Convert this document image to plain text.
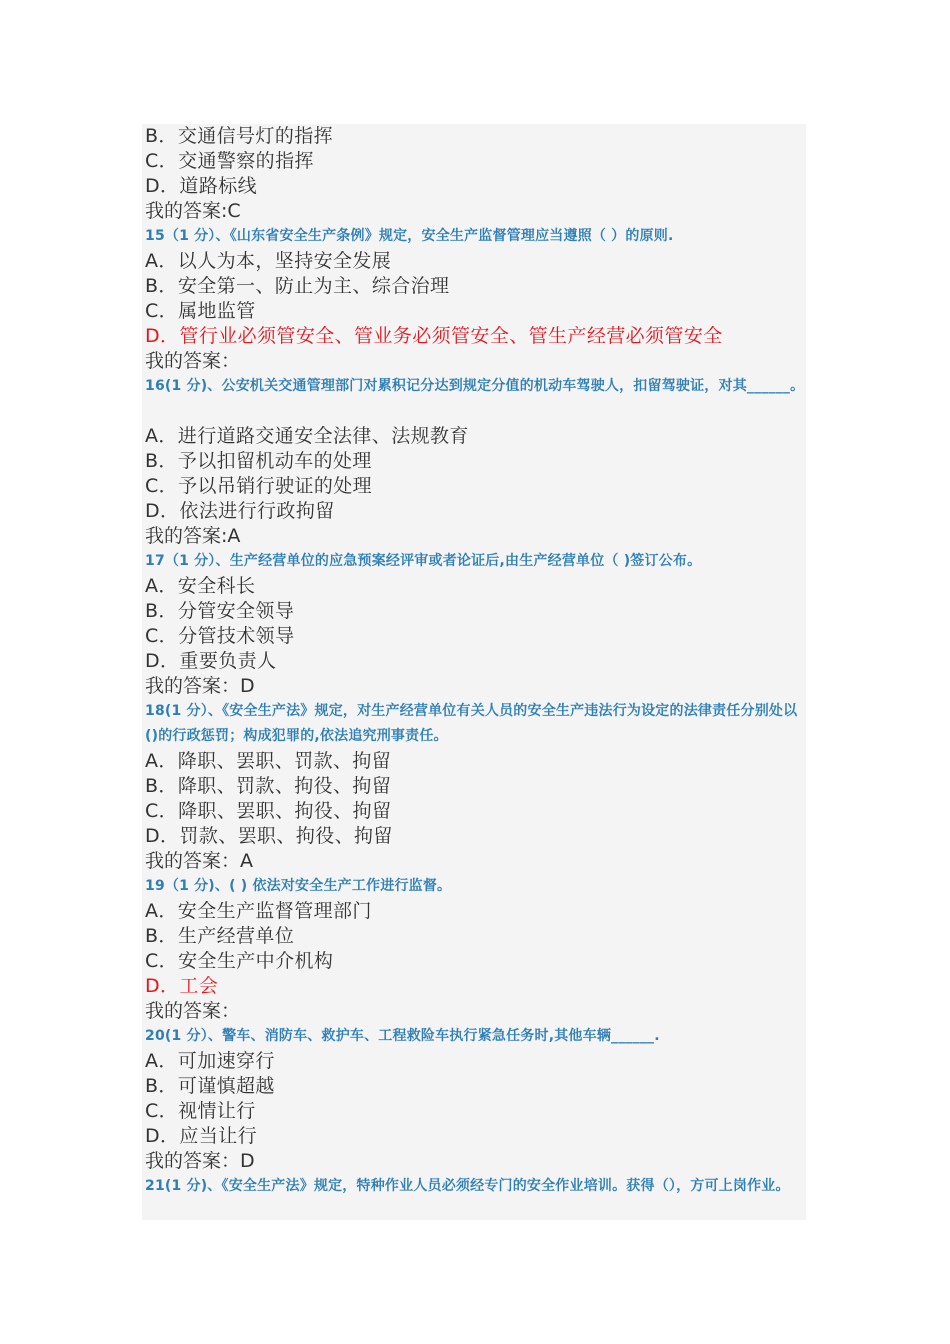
B．交通信号灯的指挥
C．交通警察的指挥
D．道路标线
我的答案:C
15（1 分）、《山东省安全生产条例》规定，安全生产监督管理应当遵照（ ）的原则.
A．以人为本，坚持安全发展
B．安全第一、防止为主、综合治理
C．属地监管
D．管行业必须管安全、管业务必须管安全、管生产经营必须管安全
我的答案：
16(1 分)、公安机关交通管理部门对累积记分达到规定分值的机动车驾驶人，扣留驾驶证，对其______。
A．进行道路交通安全法律、法规教育
B．予以扣留机动车的处理
C．予以吊销行驶证的处理
D．依法进行行政拘留
我的答案:A
17（1 分）、生产经营单位的应急预案经评审或者论证后,由生产经营单位（ )签订公布。
A．安全科长
B．分管安全领导
C．分管技术领导
D．重要负责人
我的答案：D
18(1 分）、《安全生产法》规定，对生产经营单位有关人员的安全生产违法行为设定的法律责任分别处以()的行政惩罚；构成犯罪的,依法追究刑事责任。
A．降职、罢职、罚款、拘留
B．降职、罚款、拘役、拘留
C．降职、罢职、拘役、拘留
D．罚款、罢职、拘役、拘留
我的答案：A
19（1 分)、( ) 依法对安全生产工作进行监督。
A．安全生产监督管理部门
B．生产经营单位
C．安全生产中介机构
D．工会
我的答案：
20(1 分）、警车、消防车、救护车、工程救险车执行紧急任务时,其他车辆______.
A．可加速穿行
B．可谨慎超越
C．视情让行
D．应当让行
我的答案：D
21(1 分)、《安全生产法》规定，特种作业人员必须经专门的安全作业培训。获得（），方可上岗作业。
